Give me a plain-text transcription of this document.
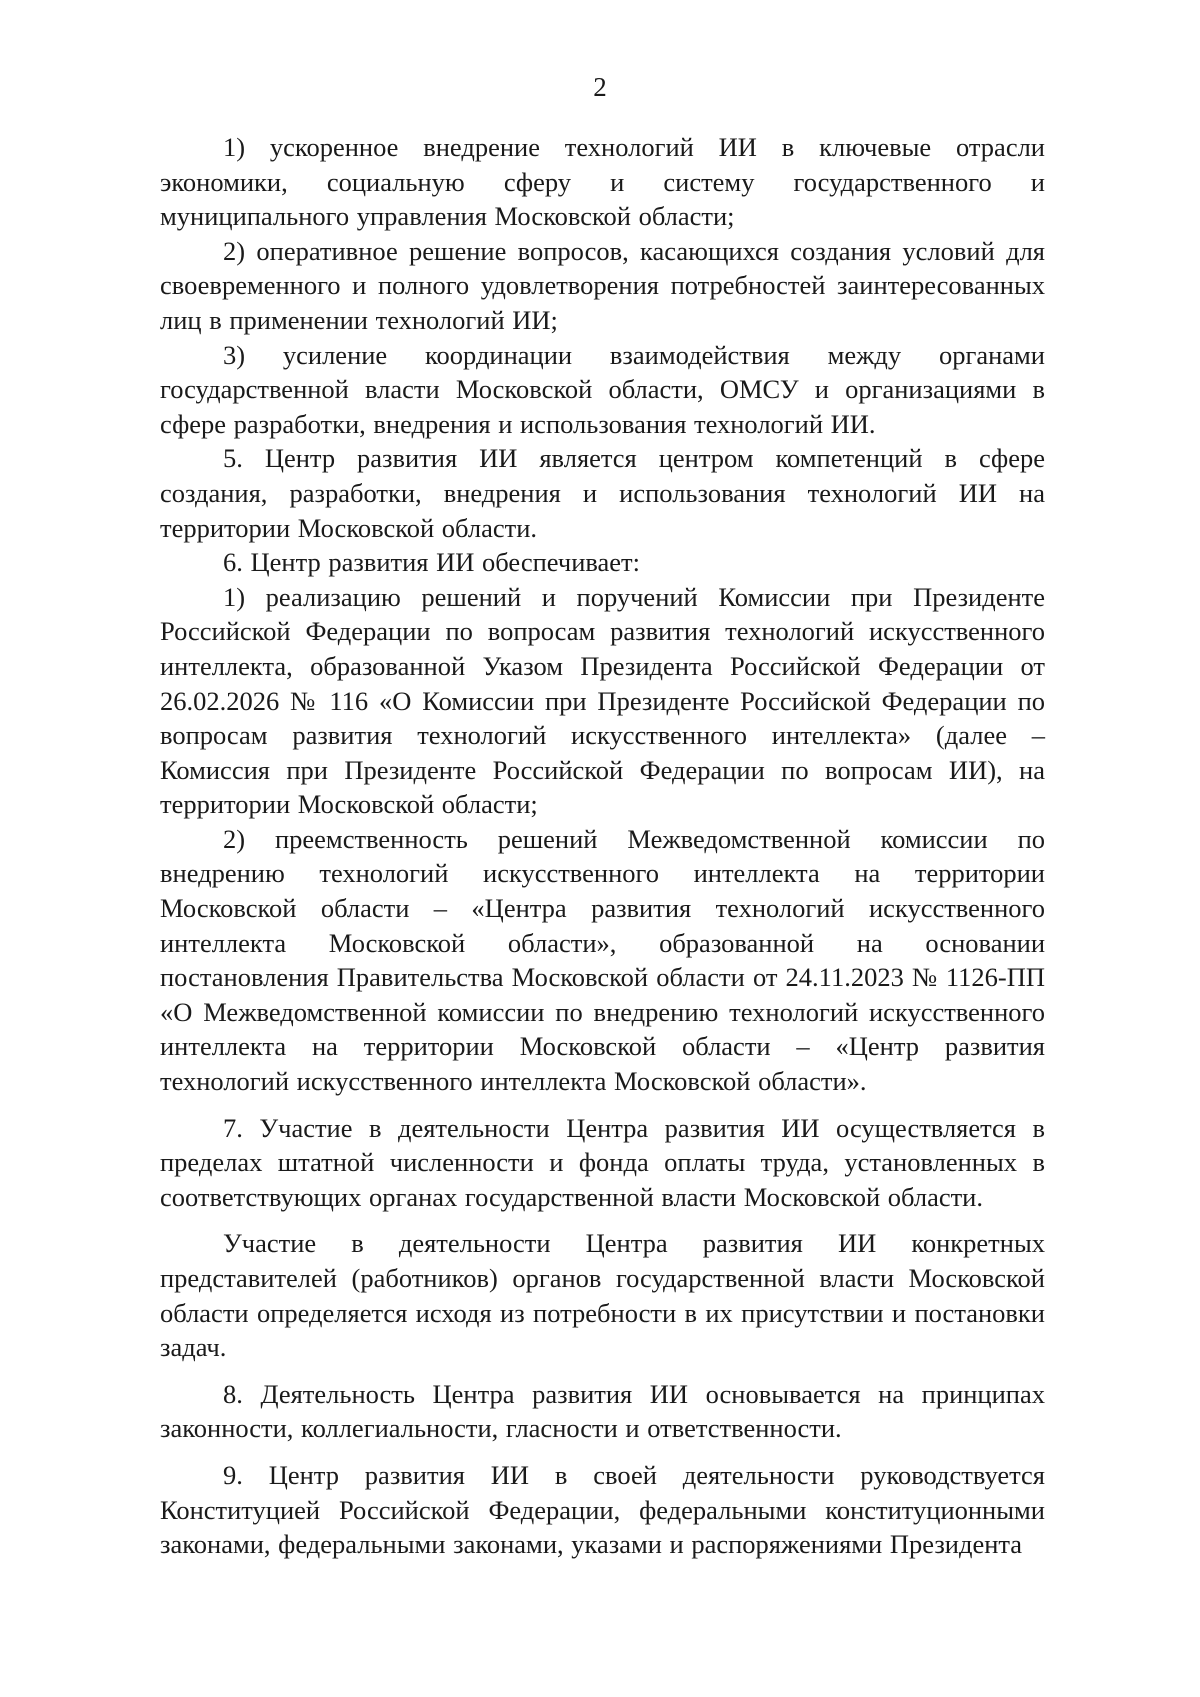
2

1) ускоренное внедрение технологий ИИ в ключевые отрасли экономики, социальную сферу и систему государственного и муниципального управления Московской области;

2) оперативное решение вопросов, касающихся создания условий для своевременного и полного удовлетворения потребностей заинтересованных лиц в применении технологий ИИ;

3) усиление координации взаимодействия между органами государственной власти Московской области, ОМСУ и организациями в сфере разработки, внедрения и использования технологий ИИ.

5. Центр развития ИИ является центром компетенций в сфере создания, разработки, внедрения и использования технологий ИИ на территории Московской области.

6. Центр развития ИИ обеспечивает:

1) реализацию решений и поручений Комиссии при Президенте Российской Федерации по вопросам развития технологий искусственного интеллекта, образованной Указом Президента Российской Федерации от 26.02.2026 № 116 «О Комиссии при Президенте Российской Федерации по вопросам развития технологий искусственного интеллекта» (далее – Комиссия при Президенте Российской Федерации по вопросам ИИ), на территории Московской области;

2) преемственность решений Межведомственной комиссии по внедрению технологий искусственного интеллекта на территории Московской области – «Центра развития технологий искусственного интеллекта Московской области», образованной на основании постановления Правительства Московской области от 24.11.2023 № 1126-ПП «О Межведомственной комиссии по внедрению технологий искусственного интеллекта на территории Московской области – «Центр развития технологий искусственного интеллекта Московской области».

7. Участие в деятельности Центра развития ИИ осуществляется в пределах штатной численности и фонда оплаты труда, установленных в соответствующих органах государственной власти Московской области.

Участие в деятельности Центра развития ИИ конкретных представителей (работников) органов государственной власти Московской области определяется исходя из потребности в их присутствии и постановки задач.

8. Деятельность Центра развития ИИ основывается на принципах законности, коллегиальности, гласности и ответственности.

9. Центр развития ИИ в своей деятельности руководствуется Конституцией Российской Федерации, федеральными конституционными законами, федеральными законами, указами и распоряжениями Президента
